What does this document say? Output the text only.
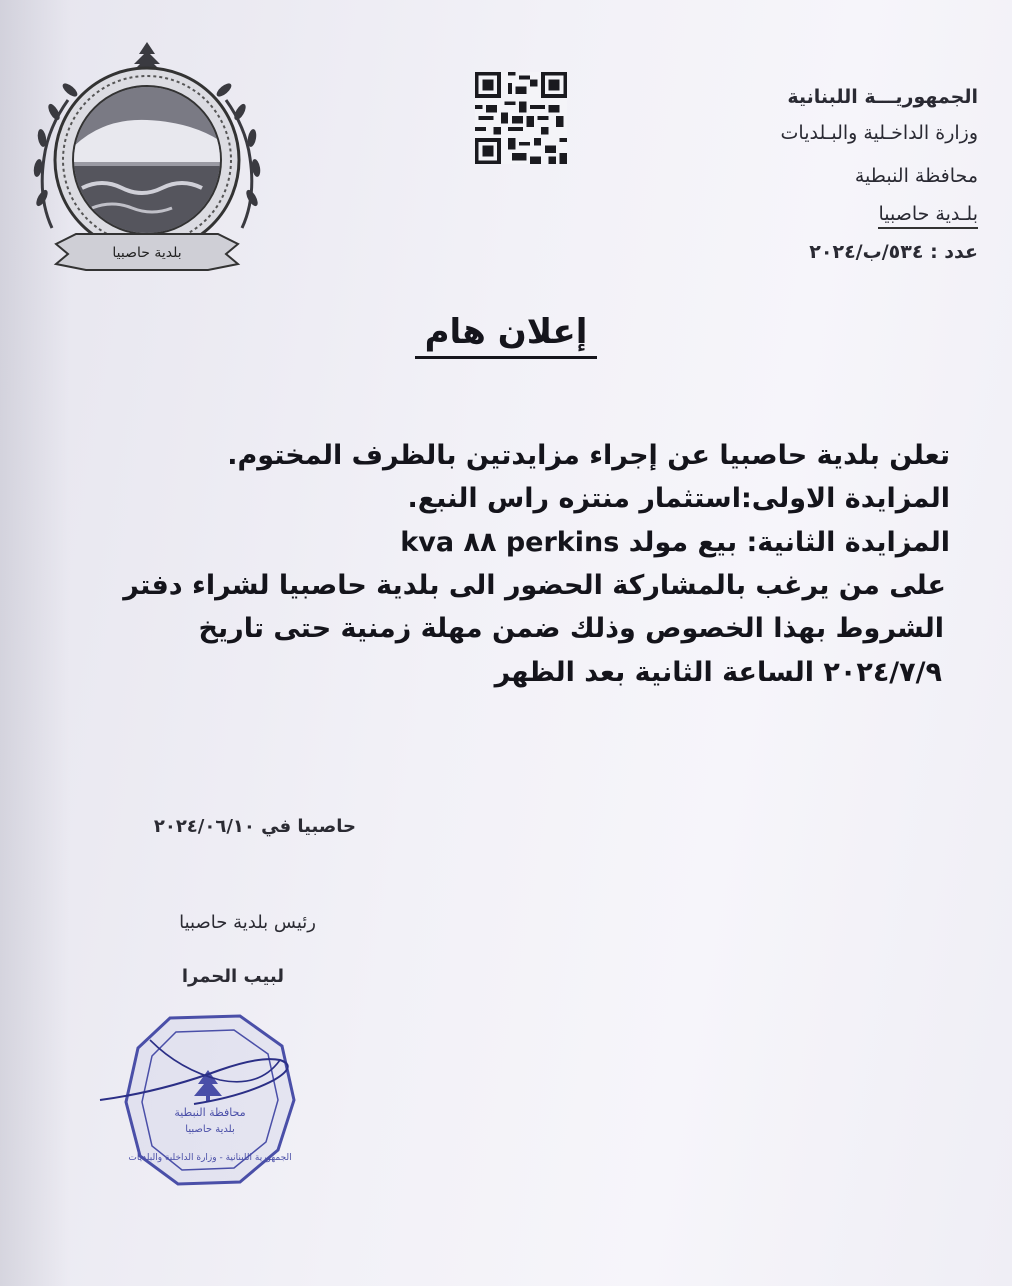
بلدية حاصبيا
الجمهوريـــة اللبنانية
وزارة الداخـلية والبـلديات
محافظة النبطية
بلـدية حاصبيا
عدد : ٥٣٤/ب/٢٠٢٤
إعلان هام
تعلن بلدية حاصبيا عن إجراء مزايدتين بالظرف المختوم.
المزايدة الاولى:استثمار منتزه راس النبع.
المزايدة الثانية: بيع مولد perkins ٨٨ kva
على من يرغب بالمشاركة الحضور الى بلدية حاصبيا لشراء دفتر
الشروط بهذا الخصوص وذلك ضمن مهلة زمنية حتى تاريخ
٢٠٢٤/٧/٩ الساعة الثانية بعد الظهر
حاصبيا في ٢٠٢٤/٠٦/١٠
رئيس بلدية حاصبيا
لبيب الحمرا
محافظة النبطية
بلدية حاصبيا
الجمهورية اللبنانية - وزارة الداخلية والبلديات
